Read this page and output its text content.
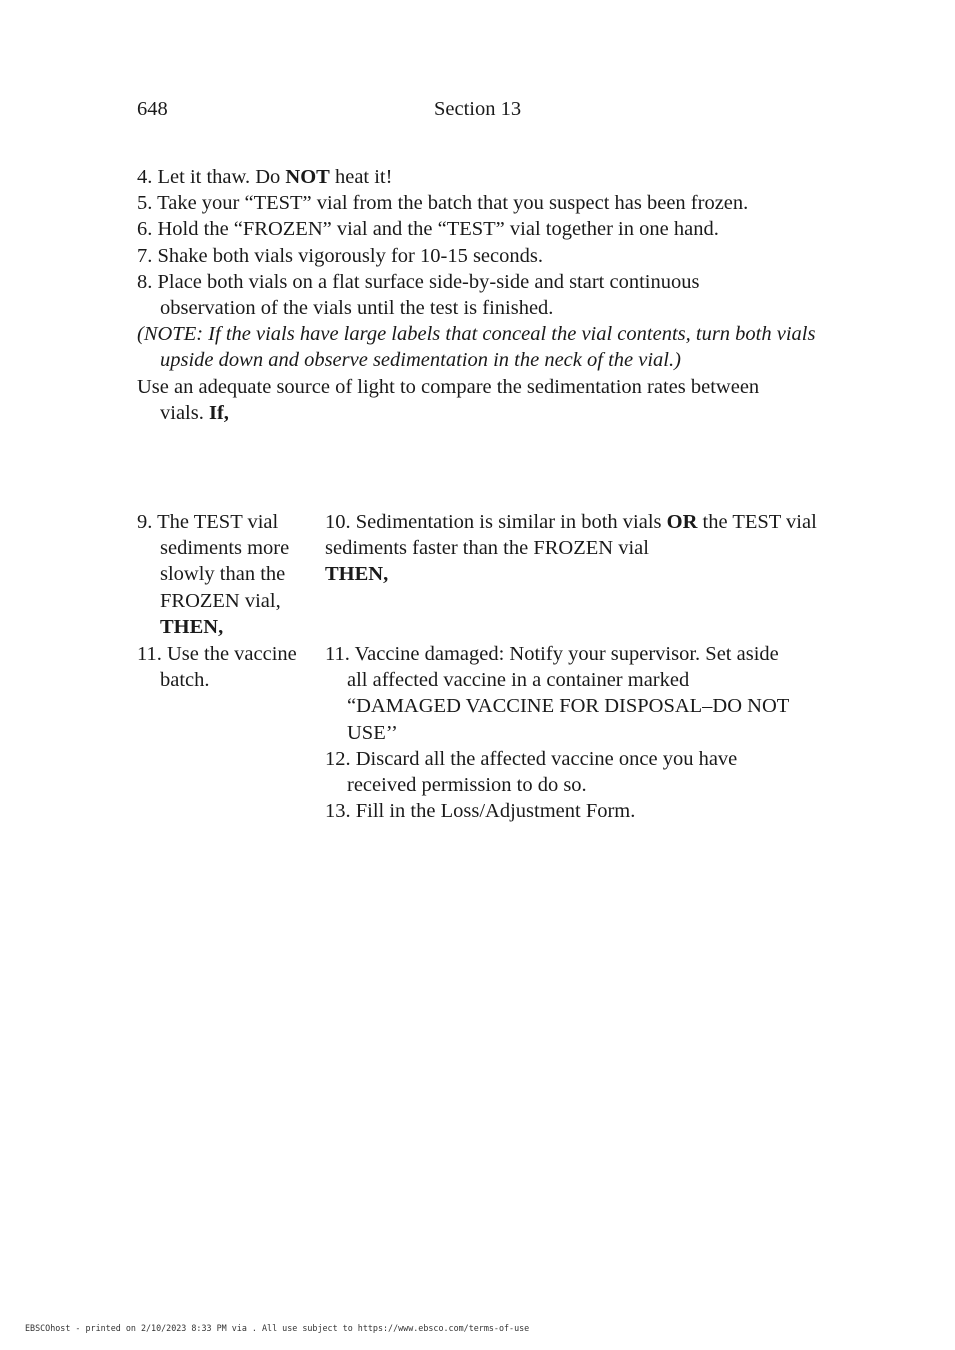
648	Section 13
4. Let it thaw. Do NOT heat it!
5. Take your “TEST” vial from the batch that you suspect has been frozen.
6. Hold the “FROZEN” vial and the “TEST” vial together in one hand.
7. Shake both vials vigorously for 10-15 seconds.
8. Place both vials on a flat surface side-by-side and start continuous observation of the vials until the test is finished.
(NOTE: If the vials have large labels that conceal the vial contents, turn both vials upside down and observe sedimentation in the neck of the vial.)
Use an adequate source of light to compare the sedimentation rates between vials. If,
9. The TEST vial sediments more slowly than the FROZEN vial,
THEN,
10. Sedimentation is similar in both vials OR the TEST vial sediments faster than the FROZEN vial
THEN,
11. Use the vaccine batch.
11. Vaccine damaged: Notify your supervisor. Set aside all affected vaccine in a container marked “DAMAGED VACCINE FOR DISPOSAL–DO NOT USE’’
12. Discard all the affected vaccine once you have received permission to do so.
13. Fill in the Loss/Adjustment Form.
EBSCOhost - printed on 2/10/2023 8:33 PM via . All use subject to https://www.ebsco.com/terms-of-use
